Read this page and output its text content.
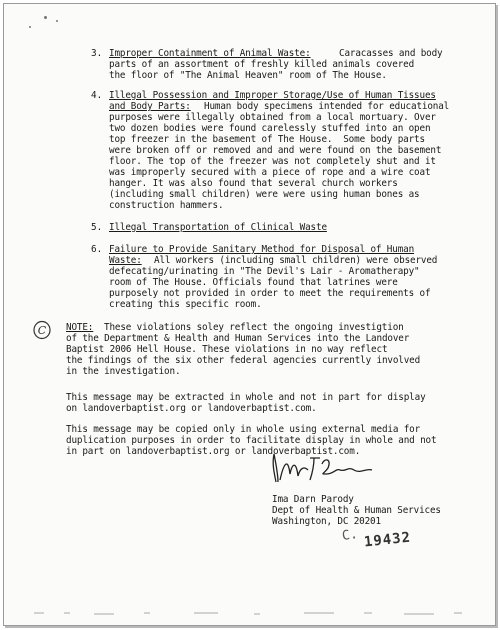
3. Improper Containment of Animal Waste:	Caracasses and body
parts of an assortment of freshly killed animals covered
the floor of "The Animal Heaven" room of The House.
4. Illegal Possession and Improper Storage/Use of Human Tissues
and Body Parts: Human body specimens intended for educational
purposes were illegally obtained from a local mortuary. Over
two dozen bodies were found carelessly stuffed into an open
top freezer in the basement of The House.  Some body parts
were broken off or removed and and were found on the basement
floor. The top of the freezer was not completely shut and it
was improperly secured with a piece of rope and a wire coat
hanger. It was also found that several church workers
(including small children) were were using human bones as
construction hammers.
5. Illegal Transportation of Clinical Waste
6. Failure to Provide Sanitary Method for Disposal of Human
Waste: All workers (including small children) were observed
defecating/urinating in "The Devil's Lair - Aromatherapy"
room of The House. Officials found that latrines were
purposely not provided in order to meet the requirements of
creating this specific room.
C NOTE: These violations soley reflect the ongoing investigtion
of the Department & Health and Human Services into the Landover
Baptist 2006 Hell House. These violations in no way reflect
the findings of the six other federal agencies currently involved
in the investigation.
This message may be extracted in whole and not in part for display
on landoverbaptist.org or landoverbaptist.com.
This message may be copied only in whole using external media for
duplication purposes in order to facilitate display in whole and not
in part on landoverbaptist.org or landoverbaptist.com.
Ima Darn Parody
Dept of Health & Human Services
Washington, DC 20201
C. 19432
